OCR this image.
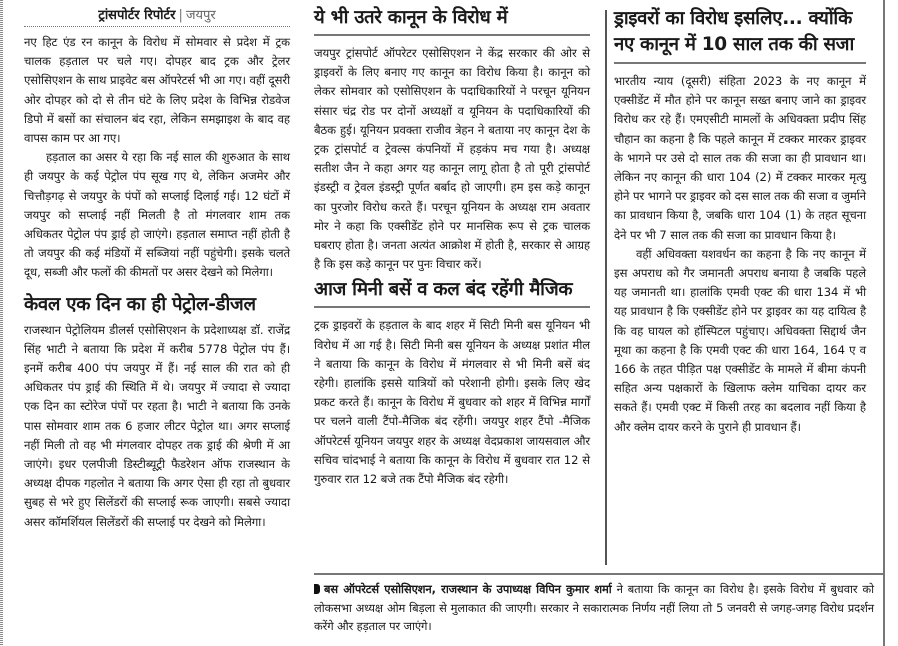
ट्रांसपोर्टर रिपोर्टर | जयपुर

नए हिट एंड रन कानून के विरोध में सोमवार से प्रदेश में ट्रक चालक हड़ताल पर चले गए। दोपहर बाद ट्रक और ट्रेलर एसोसिएशन के साथ प्राइवेट बस ऑपरेटर्स भी आ गए। वहीं दूसरी ओर दोपहर को दो से तीन घंटे के लिए प्रदेश के विभिन्न रोडवेज डिपो में बसों का संचालन बंद रहा, लेकिन समझाइश के बाद वह वापस काम पर आ गए।

हड़ताल का असर ये रहा कि नई साल की शुरुआत के साथ ही जयपुर के कई पेट्रोल पंप सूख गए थे, लेकिन अजमेर और चित्तौड़गढ़ से जयपुर के पंपों को सप्लाई दिलाई गई। 12 घंटों में जयपुर को सप्लाई नहीं मिलती है तो मंगलवार शाम तक अधिकतर पेट्रोल पंप ड्राई हो जाएंगे। हड़ताल समाप्त नहीं होती है तो जयपुर की कई मंडियों में सब्जियां नहीं पहुंचेगी। इसके चलते दूध, सब्जी और फलों की कीमतों पर असर देखने को मिलेगा।

केवल एक दिन का ही पेट्रोल-डीजल

राजस्थान पेट्रोलियम डीलर्स एसोसिएशन के प्रदेशाध्यक्ष डॉ. राजेंद्र सिंह भाटी ने बताया कि प्रदेश में करीब 5778 पेट्रोल पंप हैं। इनमें करीब 400 पंप जयपुर में हैं। नई साल की रात को ही अधिकतर पंप ड्राई की स्थिति में थे। जयपुर में ज्यादा से ज्यादा एक दिन का स्टोरेज पंपों पर रहता है। भाटी ने बताया कि उनके पास सोमवार शाम तक 6 हजार लीटर पेट्रोल था। अगर सप्लाई नहीं मिली तो वह भी मंगलवार दोपहर तक ड्राई की श्रेणी में आ जाएंगे। इधर एलपीजी डिस्टीब्यूट्री फैडरेशन ऑफ राजस्थान के अध्यक्ष दीपक गहलोत ने बताया कि अगर ऐसा ही रहा तो बुधवार सुबह से भरे हुए सिलेंडरों की सप्लाई रूक जाएगी। सबसे ज्यादा असर कॉमर्शियल सिलेंडरों की सप्लाई पर देखने को मिलेगा।

ये भी उतरे कानून के विरोध में

जयपुर ट्रांसपोर्ट ऑपरेटर एसोसिएशन ने केंद्र सरकार की ओर से ड्राइवरों के लिए बनाए गए कानून का विरोध किया है। कानून को लेकर सोमवार को एसोसिएशन के पदाधिकारियों ने परचून यूनियन संसार चंद्र रोड पर दोनों अध्यक्षों व यूनियन के पदाधिकारियों की बैठक हुई। यूनियन प्रवक्ता राजीव त्रेहन ने बताया नए कानून देश के ट्रक ट्रांसपोर्ट व ट्रेवल्स कंपनियों में हड़कंप मच गया है। अध्यक्ष सतीश जैन ने कहा अगर यह कानून लागू होता है तो पूरी ट्रांसपोर्ट इंडस्ट्री व ट्रेवल इंडस्ट्री पूर्णत बर्बाद हो जाएगी। हम इस कड़े कानून का पुरजोर विरोध करते हैं। परचून यूनियन के अध्यक्ष राम अवतार मोर ने कहा कि एक्सीडेंट होने पर मानसिक रूप से ट्रक चालक घबराए होता है। जनता अत्यंत आक्रोश में होती है, सरकार से आग्रह है कि इस कड़े कानून पर पुनः विचार करें।

आज मिनी बसें व कल बंद रहेंगी मैजिक

ट्रक ड्राइवरों के हड़ताल के बाद शहर में सिटी मिनी बस यूनियन भी विरोध में आ गई है। सिटी मिनी बस यूनियन के अध्यक्ष प्रशांत मील ने बताया कि कानून के विरोध में मंगलवार से भी मिनी बसें बंद रहेगी। हालांकि इससे यात्रियों को परेशानी होगी। इसके लिए खेद प्रकट करते हैं। कानून के विरोध में बुधवार को शहर में विभिन्न मार्गों पर चलने वाली टैंपो-मैजिक बंद रहेंगी। जयपुर शहर टैंपो -मैजिक ऑपरेटर्स यूनियन जयपुर शहर के अध्यक्ष वेदप्रकाश जायसवाल और सचिव चांदभाई ने बताया कि कानून के विरोध में बुधवार रात 12 से गुरुवार रात 12 बजे तक टैंपो मैजिक बंद रहेगी।

ड्राइवरों का विरोध इसलिए... क्योंकि नए कानून में 10 साल तक की सजा

भारतीय न्याय (दूसरी) संहिता 2023 के नए कानून में एक्सीडेंट में मौत होने पर कानून सख्त बनाए जाने का ड्राइवर विरोध कर रहे हैं। एमएसीटी मामलों के अधिवक्ता प्रदीप सिंह चौहान का कहना है कि पहले कानून में टक्कर मारकर ड्राइवर के भागने पर उसे दो साल तक की सजा का ही प्रावधान था। लेकिन नए कानून की धारा 104 (2) में टक्कर मारकर मृत्यु होने पर भागने पर ड्राइवर को दस साल तक की सजा व जुर्माने का प्रावधान किया है, जबकि धारा 104 (1) के तहत सूचना देने पर भी 7 साल तक की सजा का प्रावधान किया है।

वहीं अधिवक्ता यशवर्धन का कहना है कि नए कानून में इस अपराध को गैर जमानती अपराध बनाया है जबकि पहले यह जमानती था। हालांकि एमवी एक्ट की धारा 134 में भी यह प्रावधान है कि एक्सीडेंट होने पर ड्राइवर का यह दायित्व है कि वह घायल को हॉस्पिटल पहुंचाए। अधिवक्ता सिद्दार्थ जैन मूथा का कहना है कि एमवी एक्ट की धारा 164, 164 ए व 166 के तहत पीड़ित पक्ष एक्सीडेंट के मामले में बीमा कंपनी सहित अन्य पक्षकारों के खिलाफ क्लेम याचिका दायर कर सकते हैं। एमवी एक्ट में किसी तरह का बदलाव नहीं किया है और क्लेम दायर करने के पुराने ही प्रावधान हैं।

बस ऑपरेटर्स एसोसिएशन, राजस्थान के उपाध्यक्ष विपिन कुमार शर्मा ने बताया कि कानून का विरोध है। इसके विरोध में बुधवार को लोकसभा अध्यक्ष ओम बिड़ला से मुलाकात की जाएगी। सरकार ने सकारात्मक निर्णय नहीं लिया तो 5 जनवरी से जगह-जगह विरोध प्रदर्शन करेंगे और हड़ताल पर जाएंगे।
